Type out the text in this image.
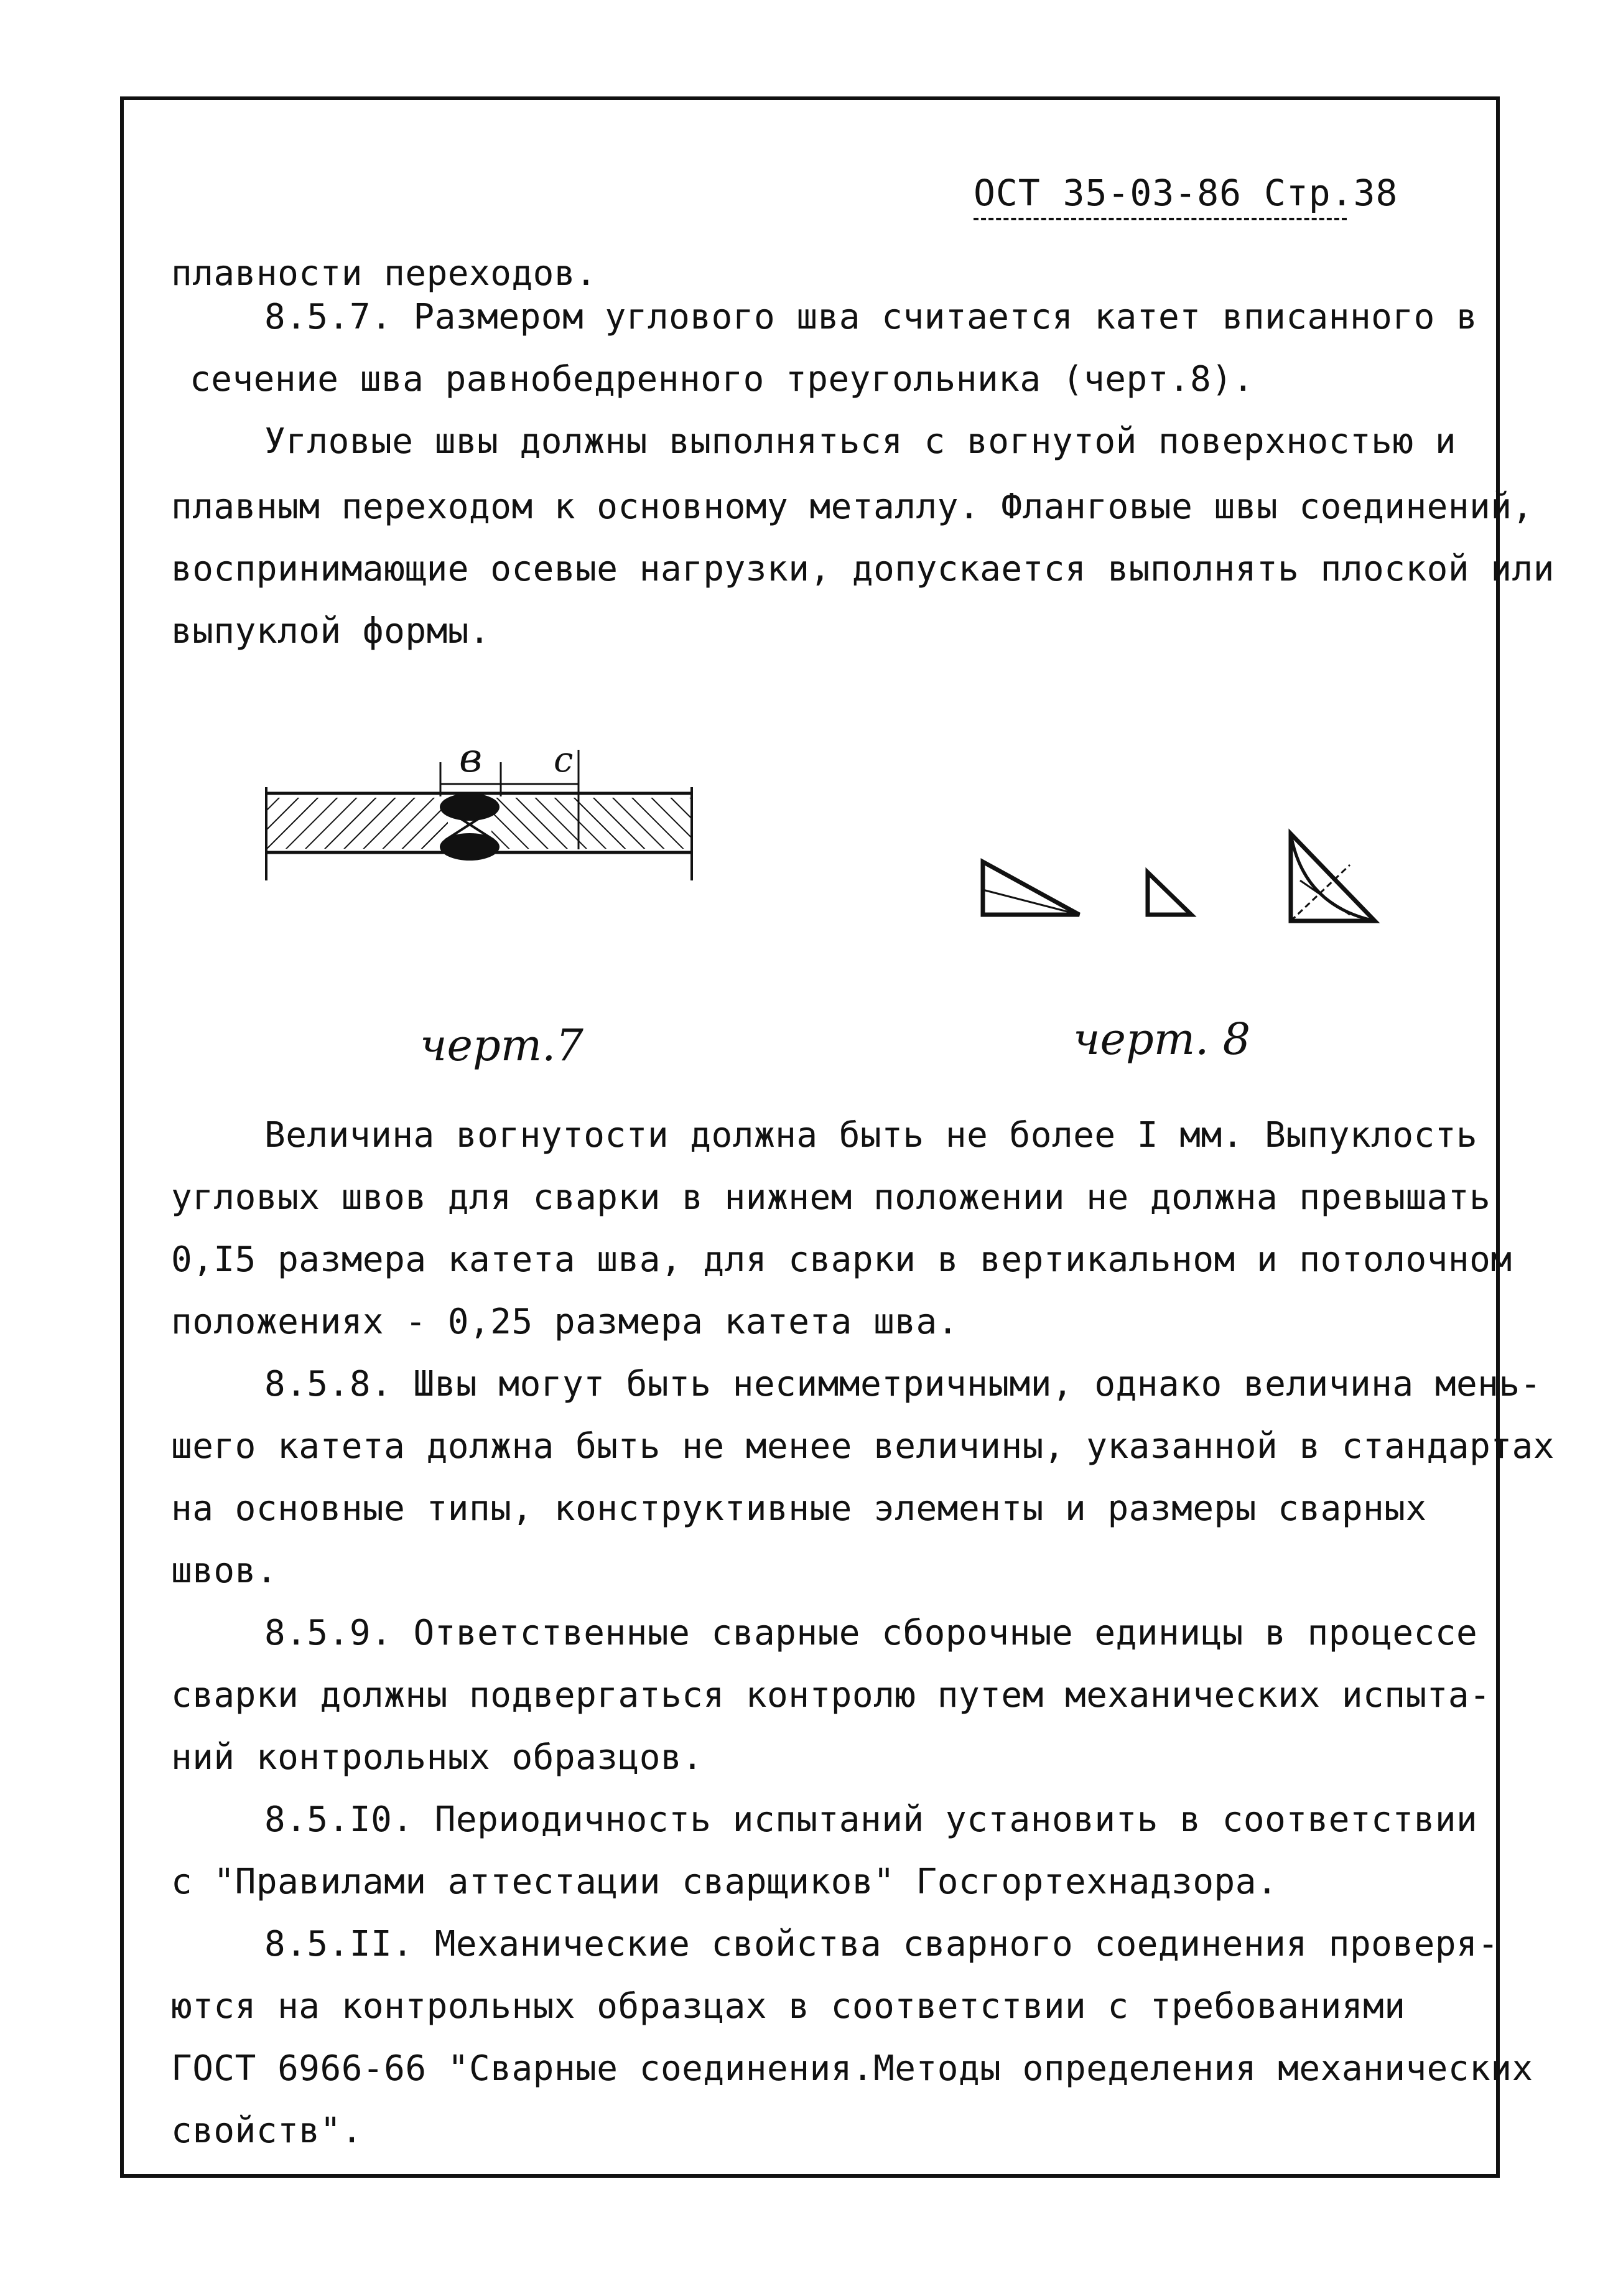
ОСТ 35-03-86 Стр.38
плавности переходов.
8.5.7. Размером углового шва считается катет вписанного в
сечение шва равнобедренного треугольника (черт.8).
Угловые швы должны выполняться с вогнутой поверхностью и
плавным переходом к основному металлу. Фланговые швы соединений,
воспринимающие осевые нагрузки, допускается выполнять плоской или
выпуклой формы.
в с
черт.7	черт. 8
Величина вогнутости должна быть не более I мм. Выпуклость
угловых швов для сварки в нижнем положении не должна превышать
0,I5 размера катета шва, для сварки в вертикальном и потолочном
положениях - 0,25 размера катета шва.
8.5.8. Швы могут быть несимметричными, однако величина мень-
шего катета должна быть не менее величины, указанной в стандартах
на основные типы, конструктивные элементы и размеры сварных
швов.
8.5.9. Ответственные сварные сборочные единицы в процессе
сварки должны подвергаться контролю путем механических испыта-
ний контрольных образцов.
8.5.I0. Периодичность испытаний установить в соответствии
с "Правилами аттестации сварщиков" Госгортехнадзора.
8.5.II. Механические свойства сварного соединения проверя-
ются на контрольных образцах в соответствии с требованиями
ГОСТ 6966-66 "Сварные соединения.Методы определения механических
свойств".
